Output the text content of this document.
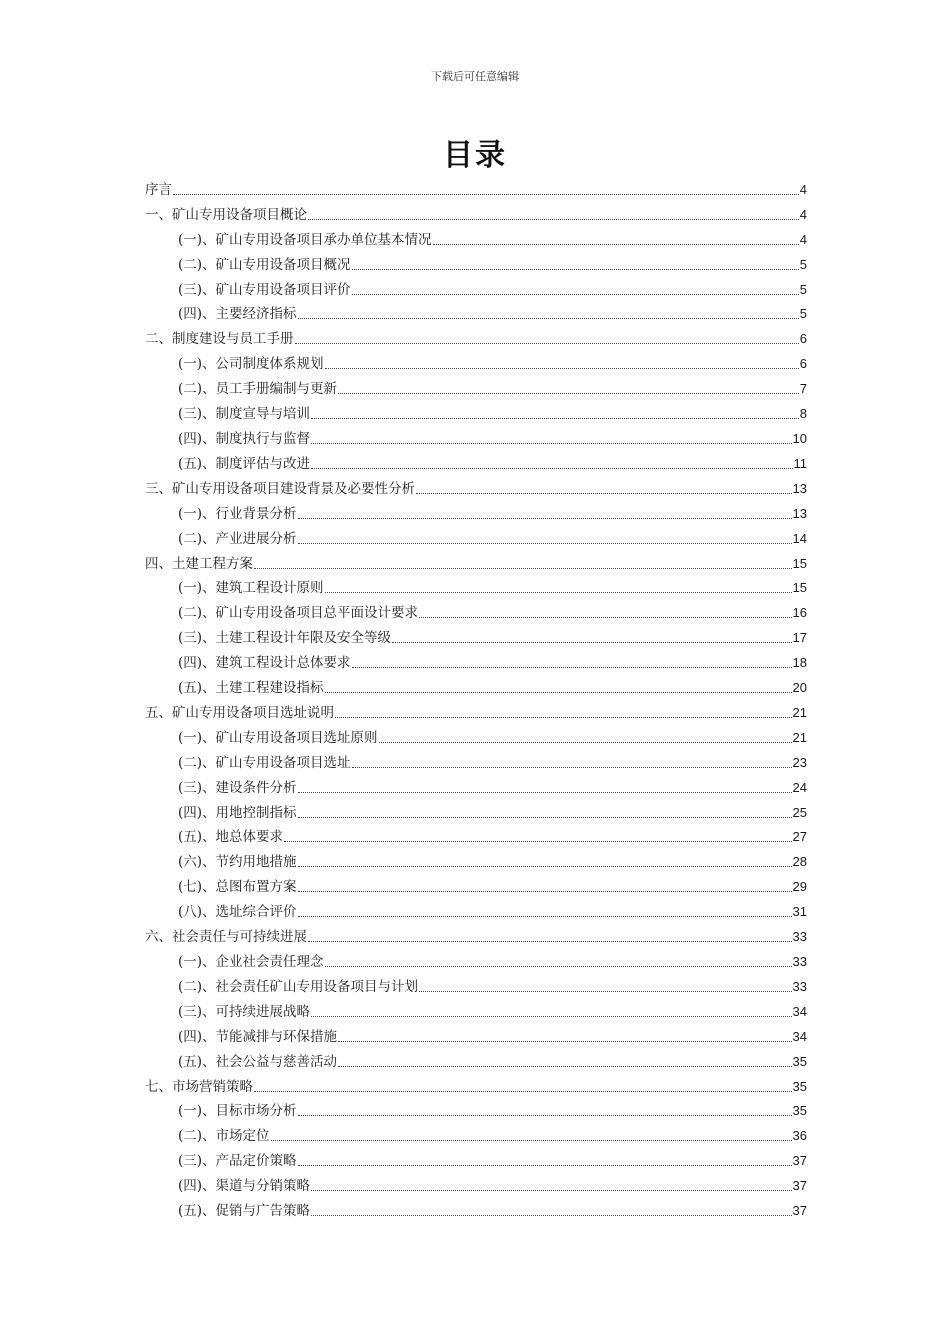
下载后可任意编辑
目录
序言	4
一、矿山专用设备项目概论	4
(一)、矿山专用设备项目承办单位基本情况	4
(二)、矿山专用设备项目概况	5
(三)、矿山专用设备项目评价	5
(四)、主要经济指标	5
二、制度建设与员工手册	6
(一)、公司制度体系规划	6
(二)、员工手册编制与更新	7
(三)、制度宣导与培训	8
(四)、制度执行与监督	10
(五)、制度评估与改进	11
三、矿山专用设备项目建设背景及必要性分析	13
(一)、行业背景分析	13
(二)、产业进展分析	14
四、土建工程方案	15
(一)、建筑工程设计原则	15
(二)、矿山专用设备项目总平面设计要求	16
(三)、土建工程设计年限及安全等级	17
(四)、建筑工程设计总体要求	18
(五)、土建工程建设指标	20
五、矿山专用设备项目选址说明	21
(一)、矿山专用设备项目选址原则	21
(二)、矿山专用设备项目选址	23
(三)、建设条件分析	24
(四)、用地控制指标	25
(五)、地总体要求	27
(六)、节约用地措施	28
(七)、总图布置方案	29
(八)、选址综合评价	31
六、社会责任与可持续进展	33
(一)、企业社会责任理念	33
(二)、社会责任矿山专用设备项目与计划	33
(三)、可持续进展战略	34
(四)、节能减排与环保措施	34
(五)、社会公益与慈善活动	35
七、市场营销策略	35
(一)、目标市场分析	35
(二)、市场定位	36
(三)、产品定价策略	37
(四)、渠道与分销策略	37
(五)、促销与广告策略	37
